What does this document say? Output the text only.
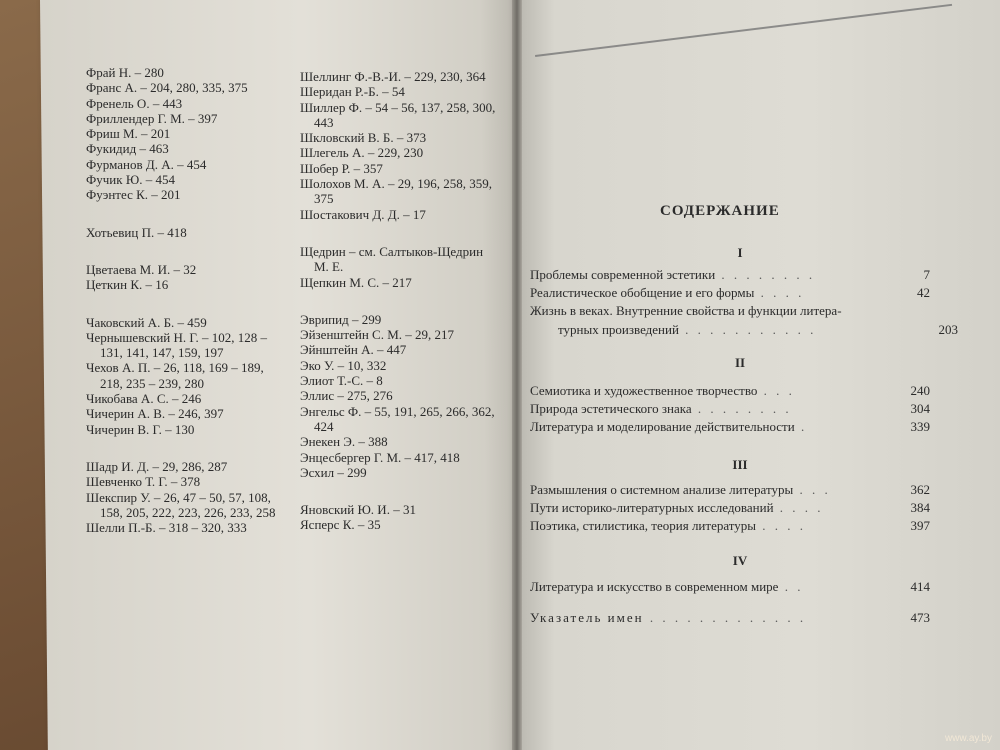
Фрай Н. – 280
Франс А. – 204, 280, 335, 375
Френель О. – 443
Фриллендер Г. М. – 397
Фриш М. – 201
Фукидид – 463
Фурманов Д. А. – 454
Фучик Ю. – 454
Фуэнтес К. – 201
Хотьевиц П. – 418
Цветаева М. И. – 32
Цеткин К. – 16
Чаковский А. Б. – 459
Чернышевский Н. Г. – 102, 128 –
131, 141, 147, 159, 197
Чехов А. П. – 26, 118, 169 – 189,
218, 235 – 239, 280
Чикобава А. С. – 246
Чичерин А. В. – 246, 397
Чичерин В. Г. – 130
Шадр И. Д. – 29, 286, 287
Шевченко Т. Г. – 378
Шекспир У. – 26, 47 – 50, 57, 108,
158, 205, 222, 223, 226, 233, 258
Шелли П.-Б. – 318 – 320, 333
Шеллинг Ф.-В.-И. – 229, 230, 364
Шеридан Р.-Б. – 54
Шиллер Ф. – 54 – 56, 137, 258, 300,
443
Шкловский В. Б. – 373
Шлегель А. – 229, 230
Шобер Р. – 357
Шолохов М. А. – 29, 196, 258, 359,
375
Шостакович Д. Д. – 17
Щедрин – см. Салтыков-Щедрин
М. Е.
Щепкин М. С. – 217
Эврипид – 299
Эйзенштейн С. М. – 29, 217
Эйнштейн А. – 447
Эко У. – 10, 332
Элиот Т.-С. – 8
Эллис – 275, 276
Энгельс Ф. – 55, 191, 265, 266, 362,
424
Энекен Э. – 388
Энцесбергер Г. М. – 417, 418
Эсхил – 299
Яновский Ю. И. – 31
Ясперс К. – 35
СОДЕРЖАНИЕ
I
Проблемы современной эстетики . . . . . . . .	7
Реалистическое обобщение и его формы . . . .	42
Жизнь в веках. Внутренние свойства и функции литера-
турных произведений . . . . . . . . . . .	203
II
Семиотика и художественное творчество . . .	240
Природа эстетического знака . . . . . . . .	304
Литература и моделирование действительности .	339
III
Размышления о системном анализе литературы . . .	362
Пути историко-литературных исследований . . . .	384
Поэтика, стилистика, теория литературы . . . .	397
IV
Литература и искусство в современном мире . .	414
Указатель имен . . . . . . . . . . . . .	473
www.ay.by
